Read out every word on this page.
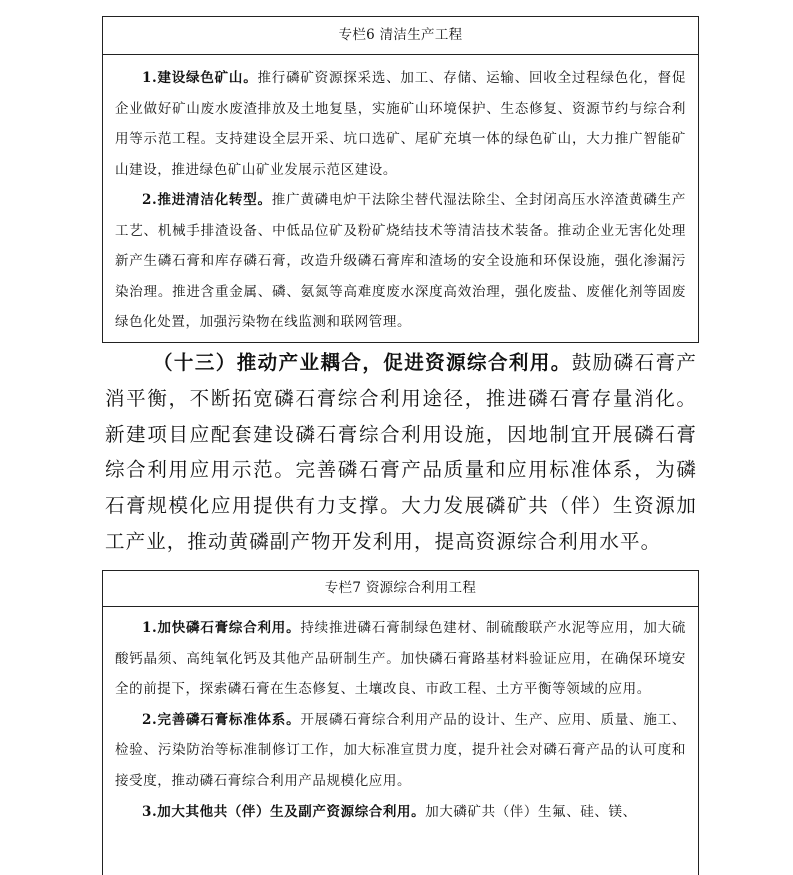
专栏6 清洁生产工程

1.建设绿色矿山。推行磷矿资源探采选、加工、存储、运输、回收全过程绿色化，督促企业做好矿山废水废渣排放及土地复垦，实施矿山环境保护、生态修复、资源节约与综合利用等示范工程。支持建设全层开采、坑口选矿、尾矿充填一体的绿色矿山，大力推广智能矿山建设，推进绿色矿山矿业发展示范区建设。

2.推进清洁化转型。推广黄磷电炉干法除尘替代湿法除尘、全封闭高压水淬渣黄磷生产工艺、机械手排渣设备、中低品位矿及粉矿烧结技术等清洁技术装备。推动企业无害化处理新产生磷石膏和库存磷石膏，改造升级磷石膏库和渣场的安全设施和环保设施，强化渗漏污染治理。推进含重金属、磷、氨氮等高难度废水深度高效治理，强化废盐、废催化剂等固废绿色化处置，加强污染物在线监测和联网管理。

（十三）推动产业耦合，促进资源综合利用。鼓励磷石膏产消平衡，不断拓宽磷石膏综合利用途径，推进磷石膏存量消化。新建项目应配套建设磷石膏综合利用设施，因地制宜开展磷石膏综合利用应用示范。完善磷石膏产品质量和应用标准体系，为磷石膏规模化应用提供有力支撑。大力发展磷矿共（伴）生资源加工产业，推动黄磷副产物开发利用，提高资源综合利用水平。

专栏7 资源综合利用工程

1.加快磷石膏综合利用。持续推进磷石膏制绿色建材、制硫酸联产水泥等应用，加大硫酸钙晶须、高纯氧化钙及其他产品研制生产。加快磷石膏路基材料验证应用，在确保环境安全的前提下，探索磷石膏在生态修复、土壤改良、市政工程、土方平衡等领域的应用。

2.完善磷石膏标准体系。开展磷石膏综合利用产品的设计、生产、应用、质量、施工、检验、污染防治等标准制修订工作，加大标准宣贯力度，提升社会对磷石膏产品的认可度和接受度，推动磷石膏综合利用产品规模化应用。

3.加大其他共（伴）生及副产资源综合利用。加大磷矿共（伴）生氟、硅、镁、
